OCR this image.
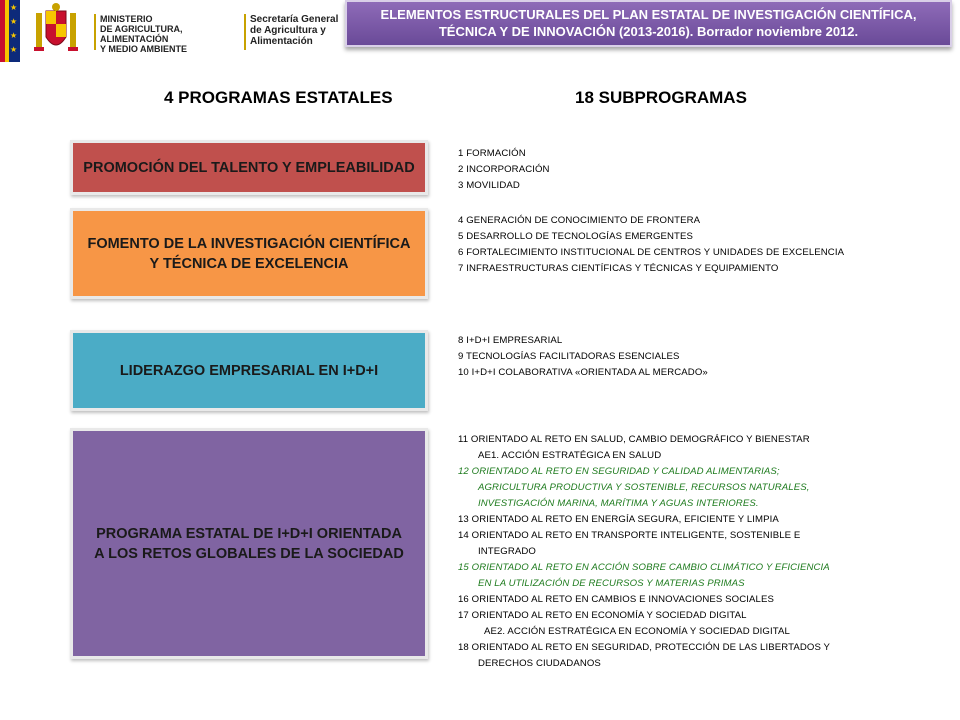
★
★
★
★
MINISTERIO
DE AGRICULTURA, ALIMENTACIÓN
Y MEDIO AMBIENTE
Secretaría General
de Agricultura y
Alimentación
ELEMENTOS ESTRUCTURALES DEL PLAN ESTATAL DE INVESTIGACIÓN CIENTÍFICA,
TÉCNICA Y DE INNOVACIÓN (2013-2016). Borrador noviembre 2012.
4 PROGRAMAS ESTATALES	18 SUBPROGRAMAS
PROMOCIÓN DEL TALENTO Y EMPLEABILIDAD
FOMENTO DE LA INVESTIGACIÓN CIENTÍFICA Y TÉCNICA DE EXCELENCIA
LIDERAZGO EMPRESARIAL EN I+D+I
PROGRAMA ESTATAL DE I+D+I ORIENTADA A LOS RETOS GLOBALES DE LA SOCIEDAD
1 FORMACIÓN
2 INCORPORACIÓN
3 MOVILIDAD
4 GENERACIÓN DE CONOCIMIENTO DE FRONTERA
5 DESARROLLO DE TECNOLOGÍAS EMERGENTES
6 FORTALECIMIENTO INSTITUCIONAL DE CENTROS Y UNIDADES DE EXCELENCIA
7 INFRAESTRUCTURAS CIENTÍFICAS Y TÉCNICAS Y EQUIPAMIENTO
8 I+D+I EMPRESARIAL
9 TECNOLOGÍAS FACILITADORAS ESENCIALES
10 I+D+I COLABORATIVA «ORIENTADA AL MERCADO»
11 ORIENTADO AL RETO EN SALUD, CAMBIO DEMOGRÁFICO Y BIENESTAR
AE1. ACCIÓN ESTRATÉGICA EN SALUD
12 ORIENTADO AL RETO EN SEGURIDAD Y CALIDAD ALIMENTARIAS;
AGRICULTURA PRODUCTIVA Y SOSTENIBLE, RECURSOS NATURALES,
INVESTIGACIÓN MARINA, MARÍTIMA Y AGUAS INTERIORES.
13 ORIENTADO AL RETO EN ENERGÍA SEGURA, EFICIENTE Y LIMPIA
14 ORIENTADO AL RETO EN TRANSPORTE INTELIGENTE, SOSTENIBLE E
INTEGRADO
15 ORIENTADO AL RETO EN ACCIÓN SOBRE CAMBIO CLIMÁTICO Y EFICIENCIA
EN LA UTILIZACIÓN DE RECURSOS Y MATERIAS PRIMAS
16 ORIENTADO AL RETO EN CAMBIOS E INNOVACIONES SOCIALES
17 ORIENTADO AL RETO EN ECONOMÍA Y SOCIEDAD DIGITAL
AE2. ACCIÓN ESTRATÉGICA EN ECONOMÍA Y SOCIEDAD DIGITAL
18 ORIENTADO AL RETO EN SEGURIDAD, PROTECCIÓN DE LAS LIBERTADOS Y
DERECHOS CIUDADANOS
